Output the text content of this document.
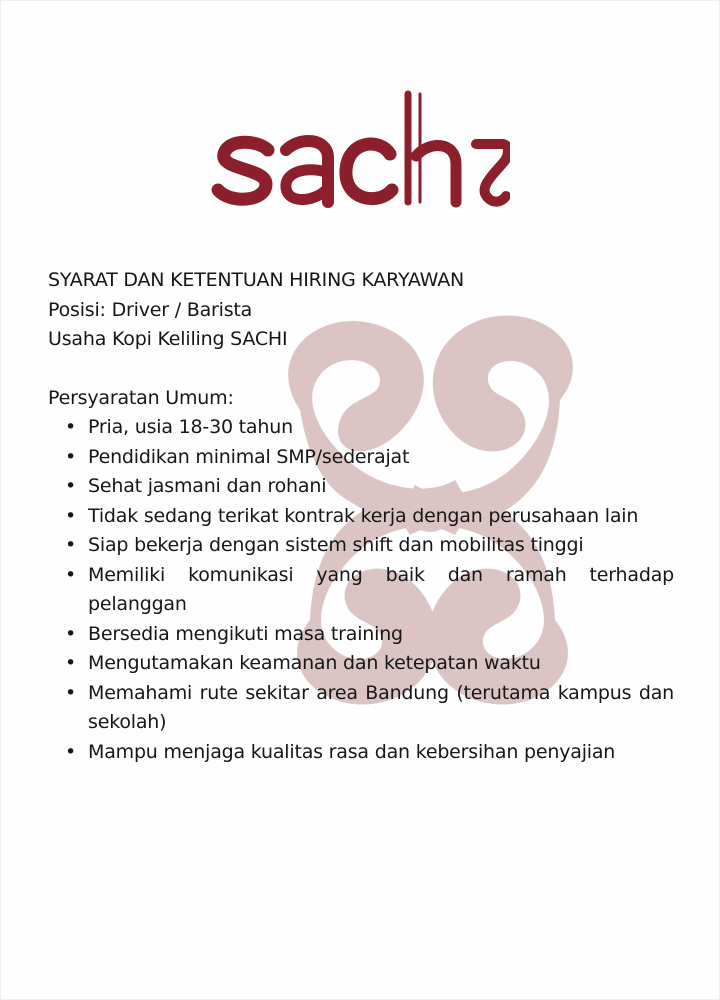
SYARAT DAN KETENTUAN HIRING KARYAWAN
Posisi: Driver / Barista
Usaha Kopi Keliling SACHI
Persyaratan Umum:
• Pria, usia 18-30 tahun
• Pendidikan minimal SMP/sederajat
• Sehat jasmani dan rohani
• Tidak sedang terikat kontrak kerja dengan perusahaan lain
• Siap bekerja dengan sistem shift dan mobilitas tinggi
• Memiliki komunikasi yang baik dan ramah terhadap pelanggan
• Bersedia mengikuti masa training
• Mengutamakan keamanan dan ketepatan waktu
• Memahami rute sekitar area Bandung (terutama kampus dan sekolah)
• Mampu menjaga kualitas rasa dan kebersihan penyajian
